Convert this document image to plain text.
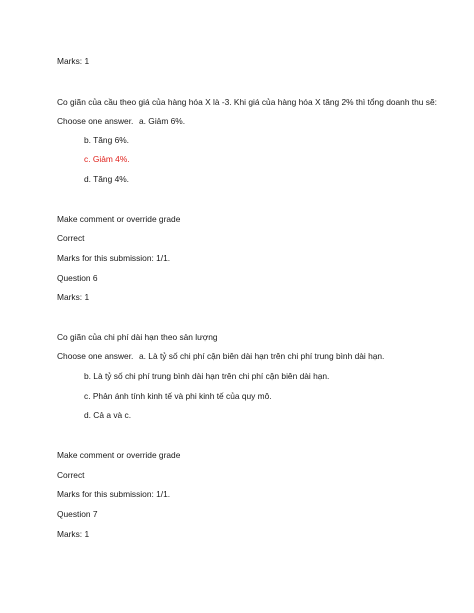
Marks: 1
Co giãn của cầu theo giá của hàng hóa X là -3. Khi giá của hàng hóa X tăng 2% thì tổng doanh thu sẽ:
Choose one answer. a. Giảm 6%.
b. Tăng 6%.
c. Giảm 4%.
d. Tăng 4%.
Make comment or override grade
Correct
Marks for this submission: 1/1.
Question 6
Marks: 1
Co giãn của chi phí dài hạn theo sản lượng
Choose one answer. a. Là tỷ số chi phí cận biên dài hạn trên chi phí trung bình dài hạn.
b. Là tỷ số chi phí trung bình dài hạn trên chi phí cận biên dài hạn.
c. Phản ánh tính kinh tế và phi kinh tế của quy mô.
d. Cả a và c.
Make comment or override grade
Correct
Marks for this submission: 1/1.
Question 7
Marks: 1
